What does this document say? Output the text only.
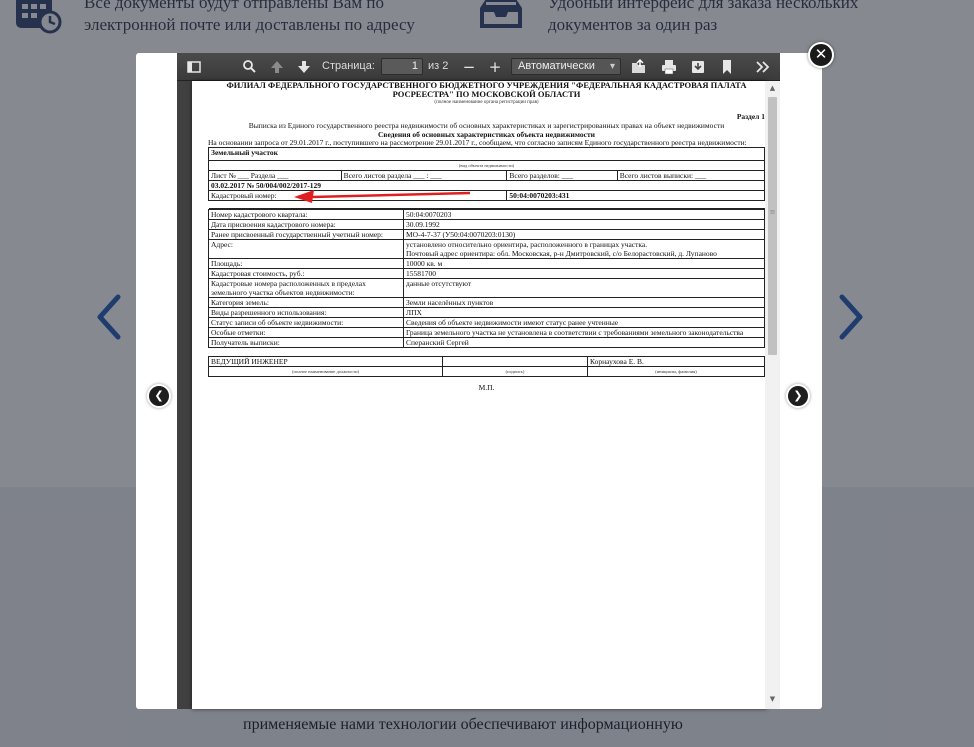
применяемые нами технологии обеспечивают информационную
Страница:	1 из 2 − +	Автоматически ▾
ФИЛИАЛ ФЕДЕРАЛЬНОГО ГОСУДАРСТВЕННОГО БЮДЖЕТНОГО УЧРЕЖДЕНИЯ "ФЕДЕРАЛЬНАЯ КАДАСТРОВАЯ ПАЛАТА РОСРЕЕСТРА" ПО МОСКОВСКОЙ ОБЛАСТИ
(полное наименование органа регистрации прав)
Раздел 1
Выписка из Единого государственного реестра недвижимости об основных характеристиках и зарегистрированных правах на объект недвижимости
Сведения об основных характеристиках объекта недвижимости
На основании запроса от 29.01.2017 г., поступившего на рассмотрение 29.01.2017 г., сообщаем, что согласно записям Единого государственного реестра недвижимости:
Земельный участок			
(вид объекта недвижимости)			
Лист № ___ Раздела ___	Всего листов раздела ___ : ___	Всего разделов: ___	Всего листов выписки: ___
03.02.2017 № 50/004/002/2017-129			
Кадастровый номер:		50:04:0070203:431	

Номер кадастрового квартала:	50:04:0070203

Дата присвоения кадастрового номера:	30.09.1992

Ранее присвоенный государственный учетный номер:	МО-4-7-37 (У50:04:0070203:0130)

Адрес:	установлено относительно ориентира, расположенного в границах участка.
Почтовый адрес ориентира: обл. Московская, р-н Дмитровский, с/о Белорастовский, д. Лупаново

Площадь:	10000 кв. м

Кадастровая стоимость, руб.:	15581700

Кадастровые номера расположенных в пределах земельного участка объектов недвижимости:	данные отсутствуют

Категория земель:	Земли населённых пунктов

Виды разрешенного использования:	ЛПХ

Статус записи об объекте недвижимости:	Сведения об объекте недвижимости имеют статус ранее учтенные

Особые отметки:	Граница земельного участка не установлена в соответствии с требованиями земельного законодательства

Получатель выписки:	Сперанский Сергей
ВЕДУЩИЙ ИНЖЕНЕР		Корнаухова Е. В.
(полное наименование должности)	(подпись)	(инициалы, фамилия)
М.П.
▲
≡
▼
❮	❯
✕
